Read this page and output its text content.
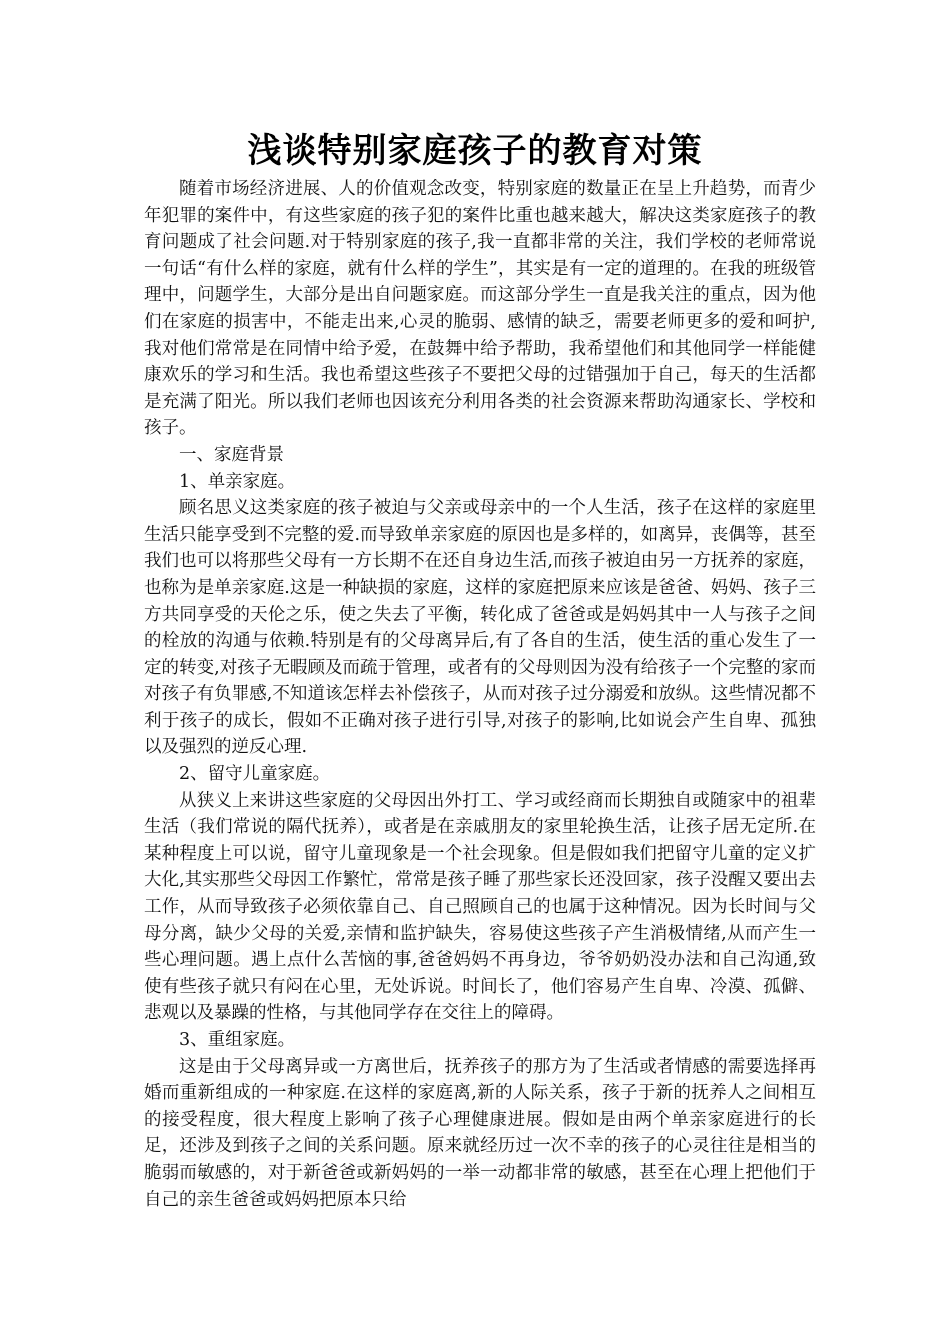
浅谈特别家庭孩子的教育对策

随着市场经济进展、人的价值观念改变，特别家庭的数量正在呈上升趋势，而青少年犯罪的案件中，有这些家庭的孩子犯的案件比重也越来越大，解决这类家庭孩子的教育问题成了社会问题.对于特别家庭的孩子,我一直都非常的关注，我们学校的老师常说一句话“有什么样的家庭，就有什么样的学生”，其实是有一定的道理的。在我的班级管理中，问题学生，大部分是出自问题家庭。而这部分学生一直是我关注的重点，因为他们在家庭的损害中，不能走出来,心灵的脆弱、感情的缺乏，需要老师更多的爱和呵护,我对他们常常是在同情中给予爱，在鼓舞中给予帮助，我希望他们和其他同学一样能健康欢乐的学习和生活。我也希望这些孩子不要把父母的过错强加于自己，每天的生活都是充满了阳光。所以我们老师也因该充分利用各类的社会资源来帮助沟通家长、学校和孩子。

一、家庭背景

1、单亲家庭。

顾名思义这类家庭的孩子被迫与父亲或母亲中的一个人生活，孩子在这样的家庭里生活只能享受到不完整的爱.而导致单亲家庭的原因也是多样的，如离异，丧偶等，甚至我们也可以将那些父母有一方长期不在还自身边生活,而孩子被迫由另一方抚养的家庭，也称为是单亲家庭.这是一种缺损的家庭，这样的家庭把原来应该是爸爸、妈妈、孩子三方共同享受的天伦之乐，使之失去了平衡，转化成了爸爸或是妈妈其中一人与孩子之间的栓放的沟通与依赖.特别是有的父母离异后,有了各自的生活，使生活的重心发生了一定的转变,对孩子无暇顾及而疏于管理，或者有的父母则因为没有给孩子一个完整的家而对孩子有负罪感,不知道该怎样去补偿孩子，从而对孩子过分溺爱和放纵。这些情况都不利于孩子的成长，假如不正确对孩子进行引导,对孩子的影响,比如说会产生自卑、孤独以及强烈的逆反心理.

2、留守儿童家庭。

从狭义上来讲这些家庭的父母因出外打工、学习或经商而长期独自或随家中的祖辈生活（我们常说的隔代抚养），或者是在亲戚朋友的家里轮换生活，让孩子居无定所.在某种程度上可以说，留守儿童现象是一个社会现象。但是假如我们把留守儿童的定义扩大化,其实那些父母因工作繁忙，常常是孩子睡了那些家长还没回家，孩子没醒又要出去工作，从而导致孩子必须依靠自己、自己照顾自己的也属于这种情况。因为长时间与父母分离，缺少父母的关爱,亲情和监护缺失，容易使这些孩子产生消极情绪,从而产生一些心理问题。遇上点什么苦恼的事,爸爸妈妈不再身边，爷爷奶奶没办法和自己沟通,致使有些孩子就只有闷在心里，无处诉说。时间长了，他们容易产生自卑、冷漠、孤僻、悲观以及暴躁的性格，与其他同学存在交往上的障碍。

3、重组家庭。

这是由于父母离异或一方离世后，抚养孩子的那方为了生活或者情感的需要选择再婚而重新组成的一种家庭.在这样的家庭离,新的人际关系，孩子于新的抚养人之间相互的接受程度，很大程度上影响了孩子心理健康进展。假如是由两个单亲家庭进行的长足，还涉及到孩子之间的关系问题。原来就经历过一次不幸的孩子的心灵往往是相当的脆弱而敏感的，对于新爸爸或新妈妈的一举一动都非常的敏感，甚至在心理上把他们于自己的亲生爸爸或妈妈把原本只给
